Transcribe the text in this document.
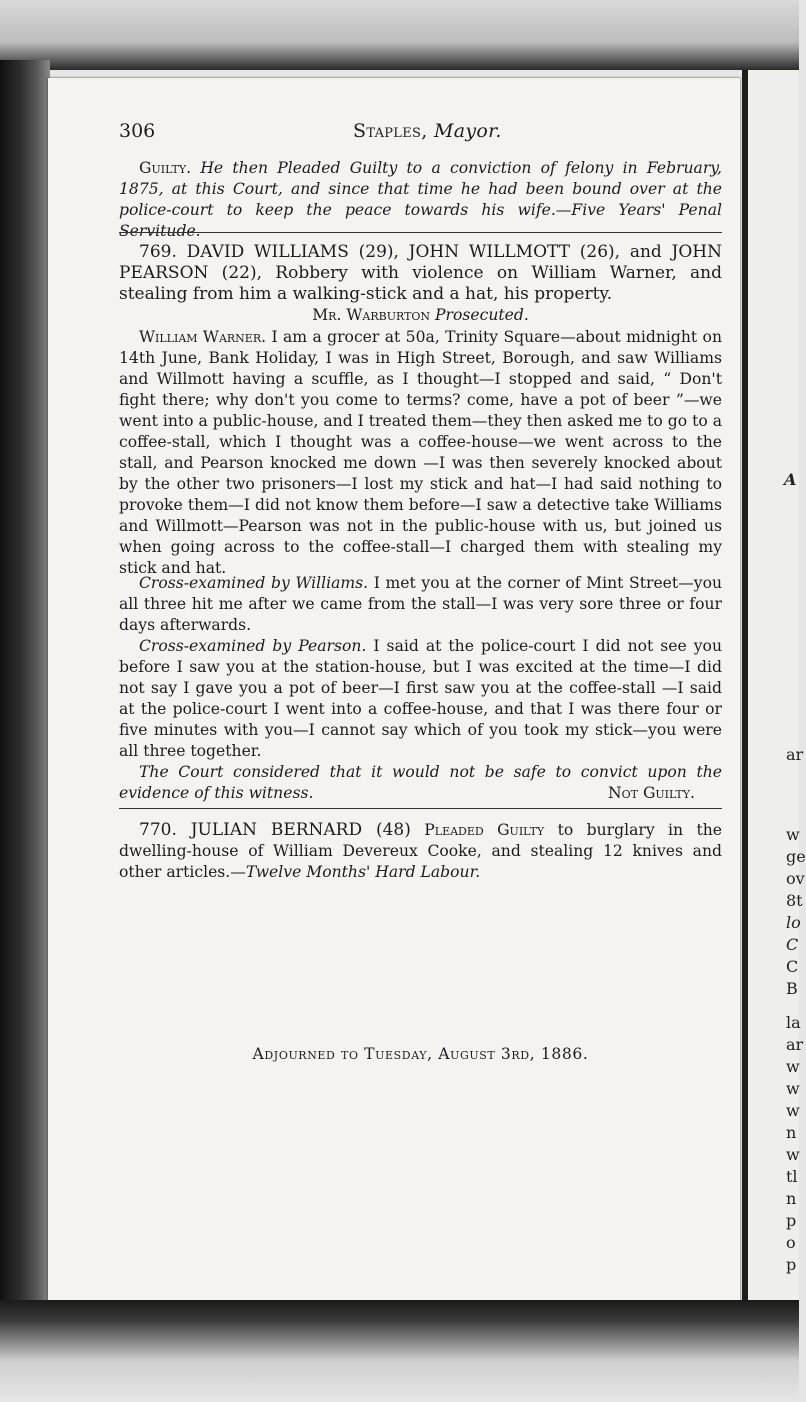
A
ar
w
ge
ov
8t
lo
C
C
B
la
ar
w
w
w
n
w
tl
n
p
o
p
306	Staples, Mayor.

Guilty. He then Pleaded Guilty to a conviction of felony in February, 1875, at this Court, and since that time he had been bound over at the police-court to keep the peace towards his wife.—Five Years' Penal Servitude.

769. DAVID WILLIAMS (29), JOHN WILLMOTT (26), and JOHN PEARSON (22), Robbery with violence on William Warner, and stealing from him a walking-stick and a hat, his property.

Mr. Warburton Prosecuted.

William Warner. I am a grocer at 50a, Trinity Square—about midnight on 14th June, Bank Holiday, I was in High Street, Borough, and saw Williams and Willmott having a scuffle, as I thought—I stopped and said, “ Don't fight there; why don't you come to terms? come, have a pot of beer ”—we went into a public-house, and I treated them—they then asked me to go to a coffee-stall, which I thought was a coffee-house—we went across to the stall, and Pearson knocked me down —I was then severely knocked about by the other two prisoners—I lost my stick and hat—I had said nothing to provoke them—I did not know them before—I saw a detective take Williams and Willmott—Pearson was not in the public-house with us, but joined us when going across to the coffee-stall—I charged them with stealing my stick and hat.

Cross-examined by Williams. I met you at the corner of Mint Street—you all three hit me after we came from the stall—I was very sore three or four days afterwards.

Cross-examined by Pearson. I said at the police-court I did not see you before I saw you at the station-house, but I was excited at the time—I did not say I gave you a pot of beer—I first saw you at the coffee-stall —I said at the police-court I went into a coffee-house, and that I was there four or five minutes with you—I cannot say which of you took my stick—you were all three together.

The Court considered that it would not be safe to convict upon the evidence of this witness.	Not Guilty.

770. JULIAN BERNARD (48) Pleaded Guilty to burglary in the dwelling-house of William Devereux Cooke, and stealing 12 knives and other articles.—Twelve Months' Hard Labour.

Adjourned to Tuesday, August 3rd, 1886.
